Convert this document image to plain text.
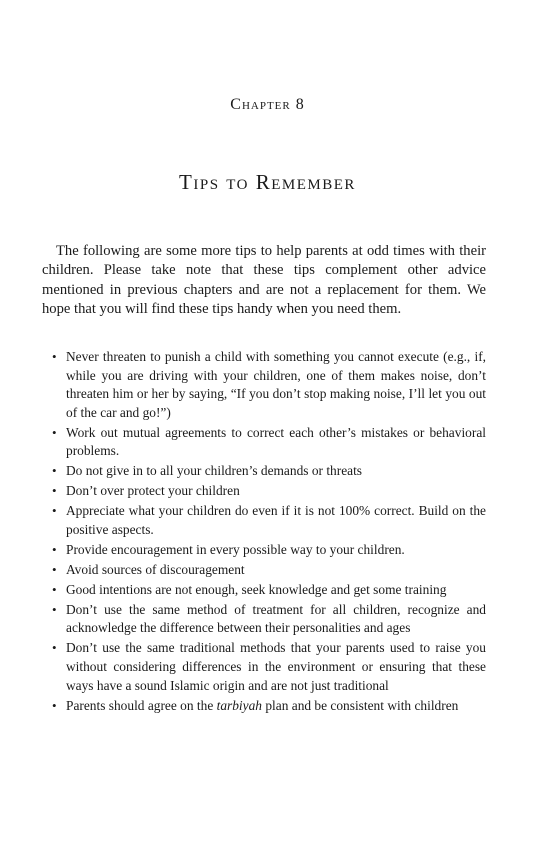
Chapter 8
Tips to Remember

The following are some more tips to help parents at odd times with their children. Please take note that these tips complement other advice mentioned in previous chapters and are not a replacement for them. We hope that you will find these tips handy when you need them.

• Never threaten to punish a child with something you cannot execute (e.g., if, while you are driving with your children, one of them makes noise, don’t threaten him or her by saying, “If you don’t stop making noise, I’ll let you out of the car and go!”)
• Work out mutual agreements to correct each other’s mistakes or behavioral problems.
• Do not give in to all your children’s demands or threats
• Don’t over protect your children
• Appreciate what your children do even if it is not 100% correct. Build on the positive aspects.
• Provide encouragement in every possible way to your children.
• Avoid sources of discouragement
• Good intentions are not enough, seek knowledge and get some training
• Don’t use the same method of treatment for all children, recognize and acknowledge the difference between their personalities and ages
• Don’t use the same traditional methods that your parents used to raise you without considering differences in the environment or ensuring that these ways have a sound Islamic origin and are not just traditional
• Parents should agree on the tarbiyah plan and be consistent with children
